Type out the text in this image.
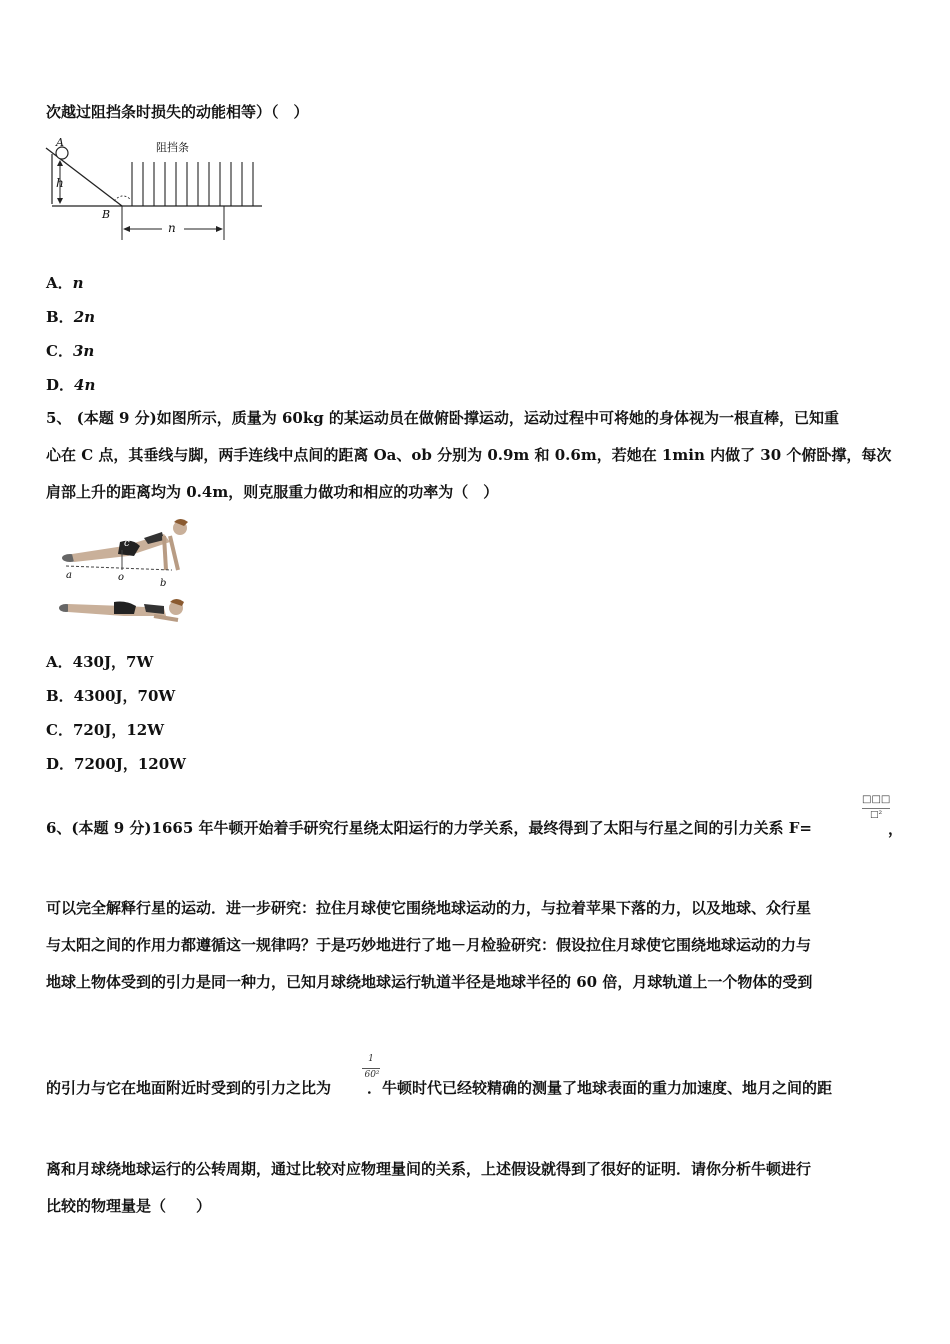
次越过阻挡条时损失的动能相等）（　）
A
h
B
阻挡条
n
A．n
B．2n
C．3n
D．4n
5、 (本题 9 分)如图所示，质量为 60kg 的某运动员在做俯卧撑运动，运动过程中可将她的身体视为一根直棒，已知重
心在 C 点，其垂线与脚，两手连线中点间的距离 Oa、ob 分别为 0.9m 和 0.6m，若她在 1min 内做了 30 个俯卧撑，每次
肩部上升的距离均为 0.4m，则克服重力做功和相应的功率为（　）
c
a	o
b
A．430J，7W
B．4300J，70W
C．720J，12W
D．7200J，120W
6、(本题 9 分)1665 年牛顿开始着手研究行星绕太阳运行的力学关系，最终得到了太阳与行星之间的引力关系 F=
□□□
□²
，
可以完全解释行星的运动．进一步研究：拉住月球使它围绕地球运动的力，与拉着苹果下落的力，以及地球、众行星
与太阳之间的作用力都遵循这一规律吗？于是巧妙地进行了地－月检验研究：假设拉住月球使它围绕地球运动的力与
地球上物体受到的引力是同一种力，已知月球绕地球运行轨道半径是地球半径的 60 倍，月球轨道上一个物体的受到
的引力与它在地面附近时受到的引力之比为 ．牛顿时代已经较精确的测量了地球表面的重力加速度、地月之间的距
1
60²
离和月球绕地球运行的公转周期，通过比较对应物理量间的关系，上述假设就得到了很好的证明．请你分析牛顿进行
比较的物理量是（　　）
